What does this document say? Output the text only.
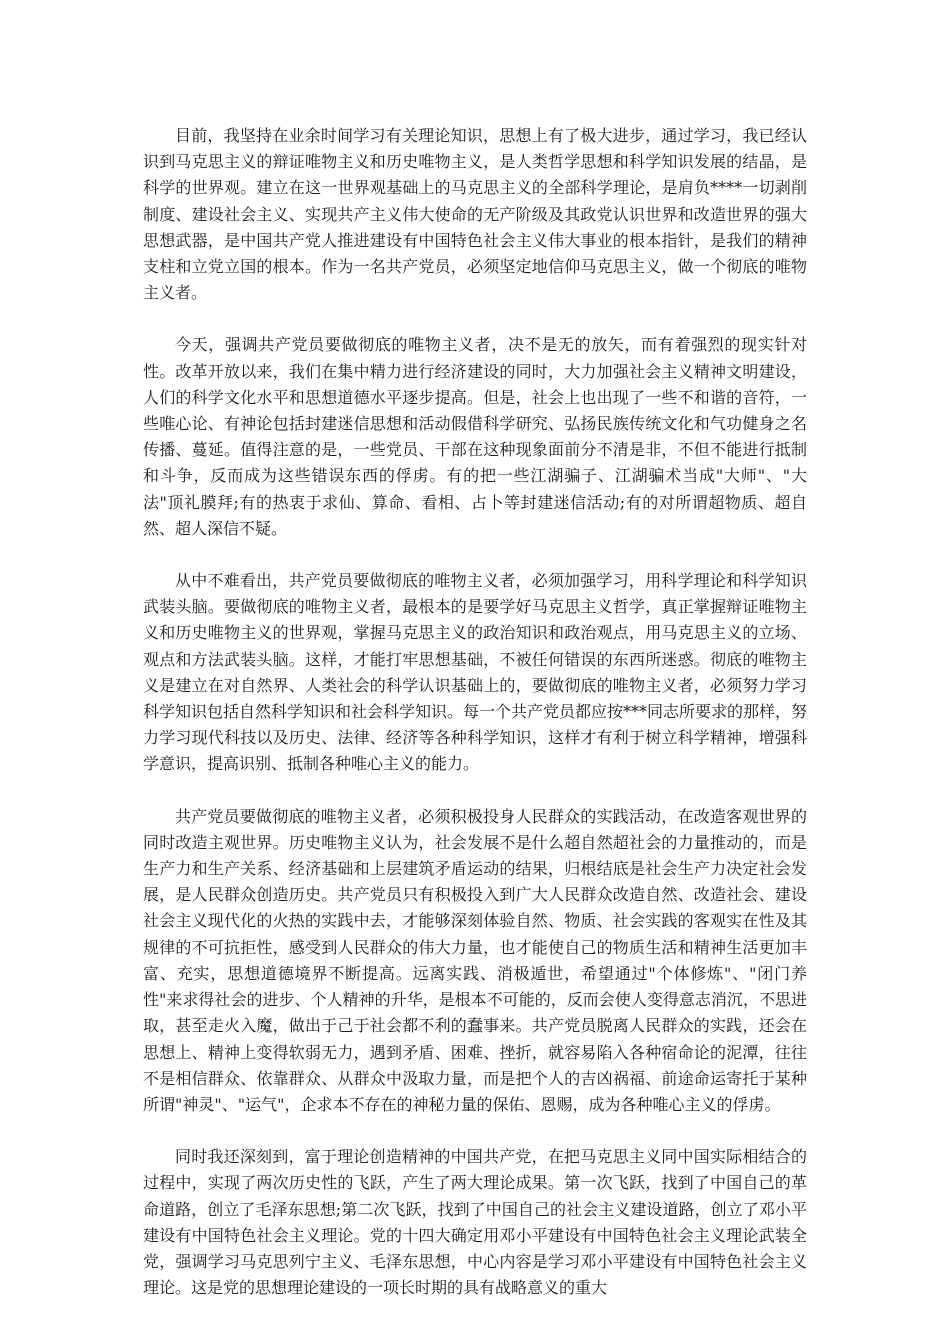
目前，我坚持在业余时间学习有关理论知识，思想上有了极大进步，通过学习，我已经认识到马克思主义的辩证唯物主义和历史唯物主义，是人类哲学思想和科学知识发展的结晶，是科学的世界观。建立在这一世界观基础上的马克思主义的全部科学理论，是肩负****一切剥削制度、建设社会主义、实现共产主义伟大使命的无产阶级及其政党认识世界和改造世界的强大思想武器，是中国共产党人推进建设有中国特色社会主义伟大事业的根本指针，是我们的精神支柱和立党立国的根本。作为一名共产党员，必须坚定地信仰马克思主义，做一个彻底的唯物主义者。

今天，强调共产党员要做彻底的唯物主义者，决不是无的放矢，而有着强烈的现实针对性。改革开放以来，我们在集中精力进行经济建设的同时，大力加强社会主义精神文明建设，人们的科学文化水平和思想道德水平逐步提高。但是，社会上也出现了一些不和谐的音符，一些唯心论、有神论包括封建迷信思想和活动假借科学研究、弘扬民族传统文化和气功健身之名传播、蔓延。值得注意的是，一些党员、干部在这种现象面前分不清是非，不但不能进行抵制和斗争，反而成为这些错误东西的俘虏。有的把一些江湖骗子、江湖骗术当成"大师"、"大法"顶礼膜拜;有的热衷于求仙、算命、看相、占卜等封建迷信活动;有的对所谓超物质、超自然、超人深信不疑。

从中不难看出，共产党员要做彻底的唯物主义者，必须加强学习，用科学理论和科学知识武装头脑。要做彻底的唯物主义者，最根本的是要学好马克思主义哲学，真正掌握辩证唯物主义和历史唯物主义的世界观，掌握马克思主义的政治知识和政治观点，用马克思主义的立场、观点和方法武装头脑。这样，才能打牢思想基础，不被任何错误的东西所迷惑。彻底的唯物主义是建立在对自然界、人类社会的科学认识基础上的，要做彻底的唯物主义者，必须努力学习科学知识包括自然科学知识和社会科学知识。每一个共产党员都应按***同志所要求的那样，努力学习现代科技以及历史、法律、经济等各种科学知识，这样才有利于树立科学精神，增强科学意识，提高识别、抵制各种唯心主义的能力。

共产党员要做彻底的唯物主义者，必须积极投身人民群众的实践活动，在改造客观世界的同时改造主观世界。历史唯物主义认为，社会发展不是什么超自然超社会的力量推动的，而是生产力和生产关系、经济基础和上层建筑矛盾运动的结果，归根结底是社会生产力决定社会发展，是人民群众创造历史。共产党员只有积极投入到广大人民群众改造自然、改造社会、建设社会主义现代化的火热的实践中去，才能够深刻体验自然、物质、社会实践的客观实在性及其规律的不可抗拒性，感受到人民群众的伟大力量，也才能使自己的物质生活和精神生活更加丰富、充实，思想道德境界不断提高。远离实践、消极遁世，希望通过"个体修炼"、"闭门养性"来求得社会的进步、个人精神的升华，是根本不可能的，反而会使人变得意志消沉，不思进取，甚至走火入魔，做出于己于社会都不利的蠢事来。共产党员脱离人民群众的实践，还会在思想上、精神上变得软弱无力，遇到矛盾、困难、挫折，就容易陷入各种宿命论的泥潭，往往不是相信群众、依靠群众、从群众中汲取力量，而是把个人的吉凶祸福、前途命运寄托于某种所谓"神灵"、"运气"，企求本不存在的神秘力量的保佑、恩赐，成为各种唯心主义的俘虏。

同时我还深刻到，富于理论创造精神的中国共产党，在把马克思主义同中国实际相结合的过程中，实现了两次历史性的飞跃，产生了两大理论成果。第一次飞跃，找到了中国自己的革命道路，创立了毛泽东思想;第二次飞跃，找到了中国自己的社会主义建设道路，创立了邓小平建设有中国特色社会主义理论。党的十四大确定用邓小平建设有中国特色社会主义理论武装全党，强调学习马克思列宁主义、毛泽东思想，中心内容是学习邓小平建设有中国特色社会主义理论。这是党的思想理论建设的一项长时期的具有战略意义的重大
